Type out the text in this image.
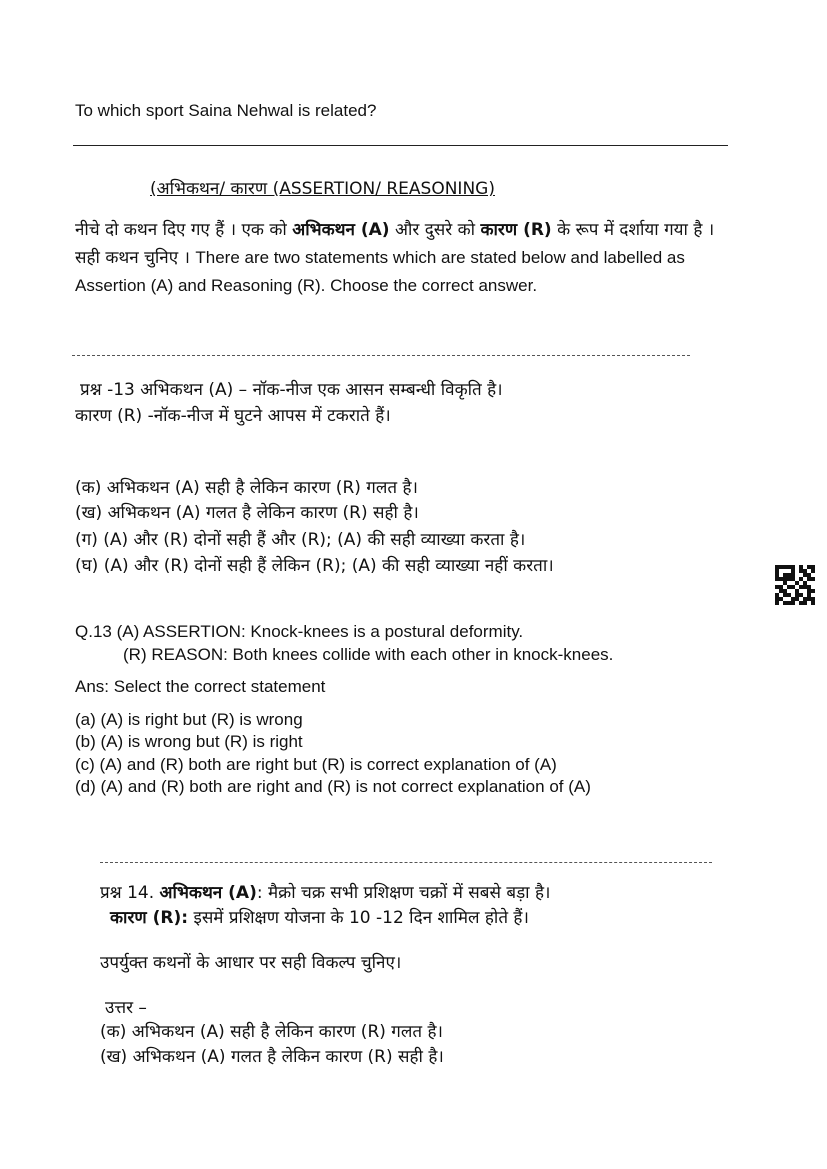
To which sport Saina Nehwal is related?
(अभिकथन/ कारण (ASSERTION/ REASONING)
नीचे दो कथन दिए गए हैं । एक को अभिकथन (A) और दुसरे को कारण (R) के रूप में दर्शाया गया है । सही कथन चुनिए । There are two statements which are stated below and labelled as Assertion (A) and Reasoning (R). Choose the correct answer.
प्रश्न -13 अभिकथन (A) – नॉक-नीज एक आसन सम्बन्धी विकृति है।
कारण (R) -नॉक-नीज में घुटने आपस में टकराते हैं।
(क) अभिकथन (A) सही है लेकिन कारण (R) गलत है।
(ख) अभिकथन (A) गलत है लेकिन कारण (R) सही है।
(ग) (A) और (R) दोनों सही हैं और (R); (A) की सही व्याख्या करता है।
(घ) (A) और (R) दोनों सही हैं लेकिन (R); (A) की सही व्याख्या नहीं करता।
Q.13 (A) ASSERTION: Knock-knees is a postural deformity.
(R) REASON: Both knees collide with each other in knock-knees.
Ans: Select the correct statement
(a) (A) is right but (R) is wrong
(b) (A) is wrong but (R) is right
(c) (A) and (R) both are right but (R) is correct explanation of (A)
(d) (A) and (R) both are right and (R) is not correct explanation of (A)
प्रश्न 14. अभिकथन (A): मैक्रो चक्र सभी प्रशिक्षण चक्रों में सबसे बड़ा है।
कारण (R): इसमें प्रशिक्षण योजना के 10 -12 दिन शामिल होते हैं।
उपर्युक्त कथनों के आधार पर सही विकल्प चुनिए।
उत्तर –
(क) अभिकथन (A) सही है लेकिन कारण (R) गलत है।
(ख) अभिकथन (A) गलत है लेकिन कारण (R) सही है।
